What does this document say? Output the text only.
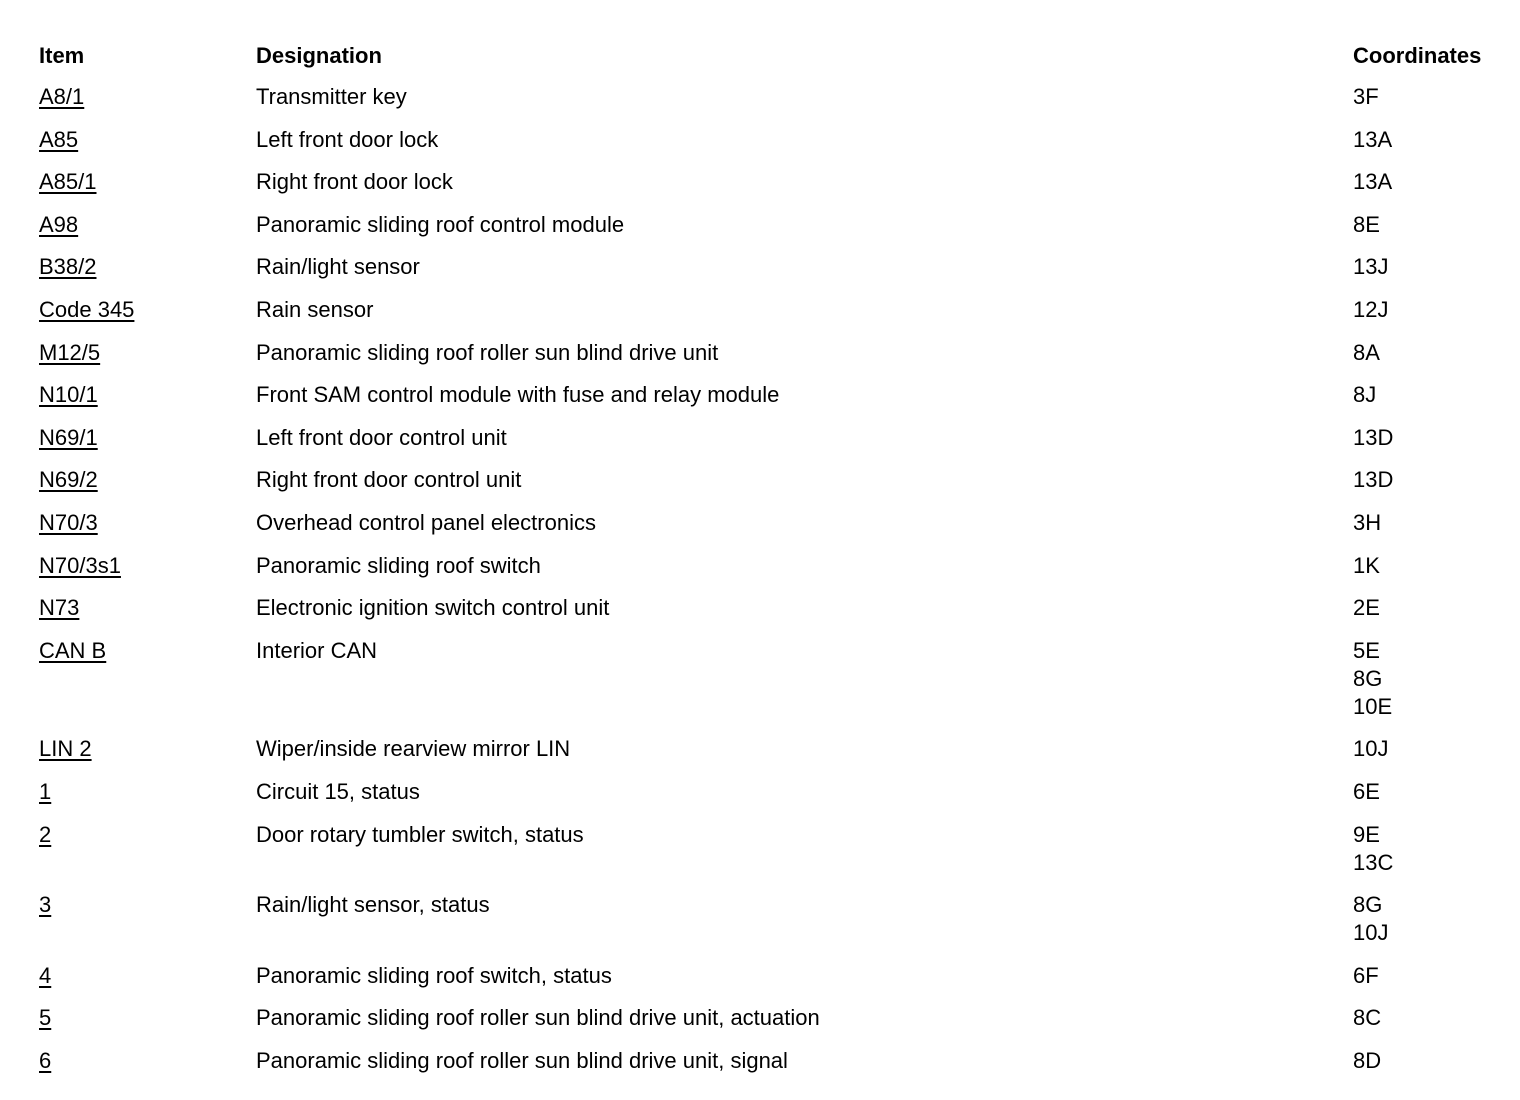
Item	Designation	Coordinates
A8/1	Transmitter key	3F
A85	Left front door lock	13A
A85/1	Right front door lock	13A
A98	Panoramic sliding roof control module	8E
B38/2	Rain/light sensor	13J
Code 345	Rain sensor	12J
M12/5	Panoramic sliding roof roller sun blind drive unit	8A
N10/1	Front SAM control module with fuse and relay module	8J
N69/1	Left front door control unit	13D
N69/2	Right front door control unit	13D
N70/3	Overhead control panel electronics	3H
N70/3s1	Panoramic sliding roof switch	1K
N73	Electronic ignition switch control unit	2E
CAN B	Interior CAN	5E
8G
10E
LIN 2	Wiper/inside rearview mirror LIN	10J
1	Circuit 15, status	6E
2	Door rotary tumbler switch, status	9E
13C
3	Rain/light sensor, status	8G
10J
4	Panoramic sliding roof switch, status	6F
5	Panoramic sliding roof roller sun blind drive unit, actuation	8C
6	Panoramic sliding roof roller sun blind drive unit, signal	8D
